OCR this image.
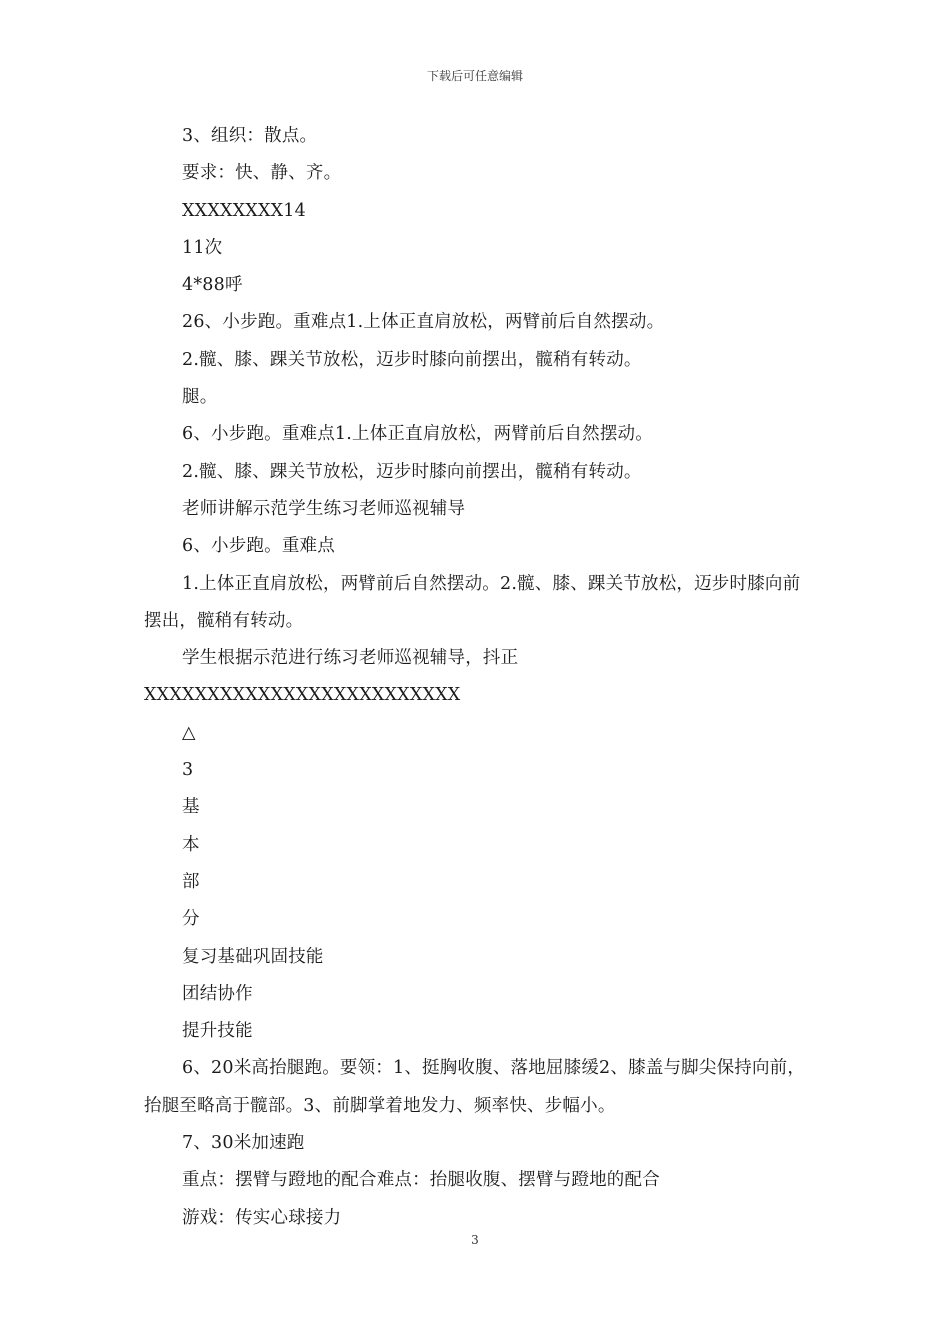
下载后可任意编辑

3、组织：散点。

要求：快、静、齐。

XXXXXXXX14

11次

4*88呼

26、小步跑。重难点1.上体正直肩放松，两臂前后自然摆动。

2.髋、膝、踝关节放松，迈步时膝向前摆出，髋稍有转动。

腿。

6、小步跑。重难点1.上体正直肩放松，两臂前后自然摆动。

2.髋、膝、踝关节放松，迈步时膝向前摆出，髋稍有转动。

老师讲解示范学生练习老师巡视辅导

6、小步跑。重难点

1.上体正直肩放松，两臂前后自然摆动。2.髋、膝、踝关节放松，迈步时膝向前摆出，髋稍有转动。

学生根据示范进行练习老师巡视辅导，抖正XXXXXXXXXXXXXXXXXXXXXXXXX

△

3

基

本

部

分

复习基础巩固技能

团结协作

提升技能

6、20米高抬腿跑。要领：1、挺胸收腹、落地屈膝缓2、膝盖与脚尖保持向前，抬腿至略高于髋部。3、前脚掌着地发力、频率快、步幅小。

7、30米加速跑

重点：摆臂与蹬地的配合难点：抬腿收腹、摆臂与蹬地的配合

游戏：传实心球接力

3
